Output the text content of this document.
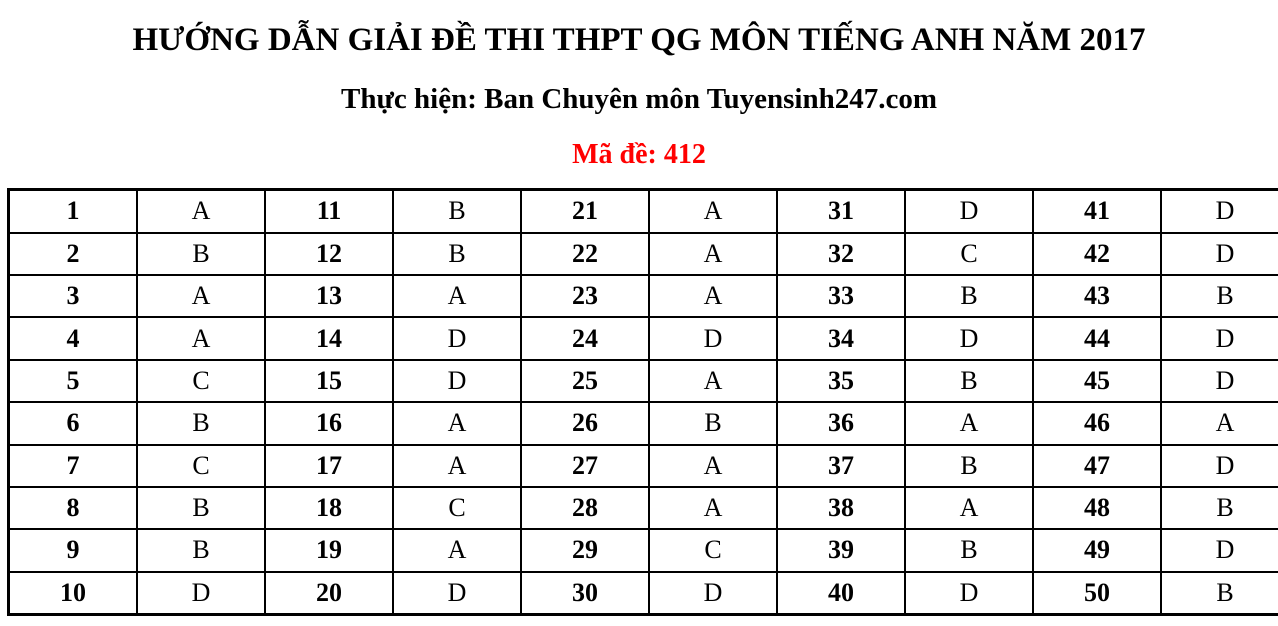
HƯỚNG DẪN GIẢI ĐỀ THI THPT QG MÔN TIẾNG ANH NĂM 2017
Thực hiện: Ban Chuyên môn Tuyensinh247.com
Mã đề: 412
1	A	11	B	21	A	31	D	41	D
2	B	12	B	22	A	32	C	42	D
3	A	13	A	23	A	33	B	43	B
4	A	14	D	24	D	34	D	44	D
5	C	15	D	25	A	35	B	45	D
6	B	16	A	26	B	36	A	46	A
7	C	17	A	27	A	37	B	47	D
8	B	18	C	28	A	38	A	48	B
9	B	19	A	29	C	39	B	49	D
10	D	20	D	30	D	40	D	50	B
